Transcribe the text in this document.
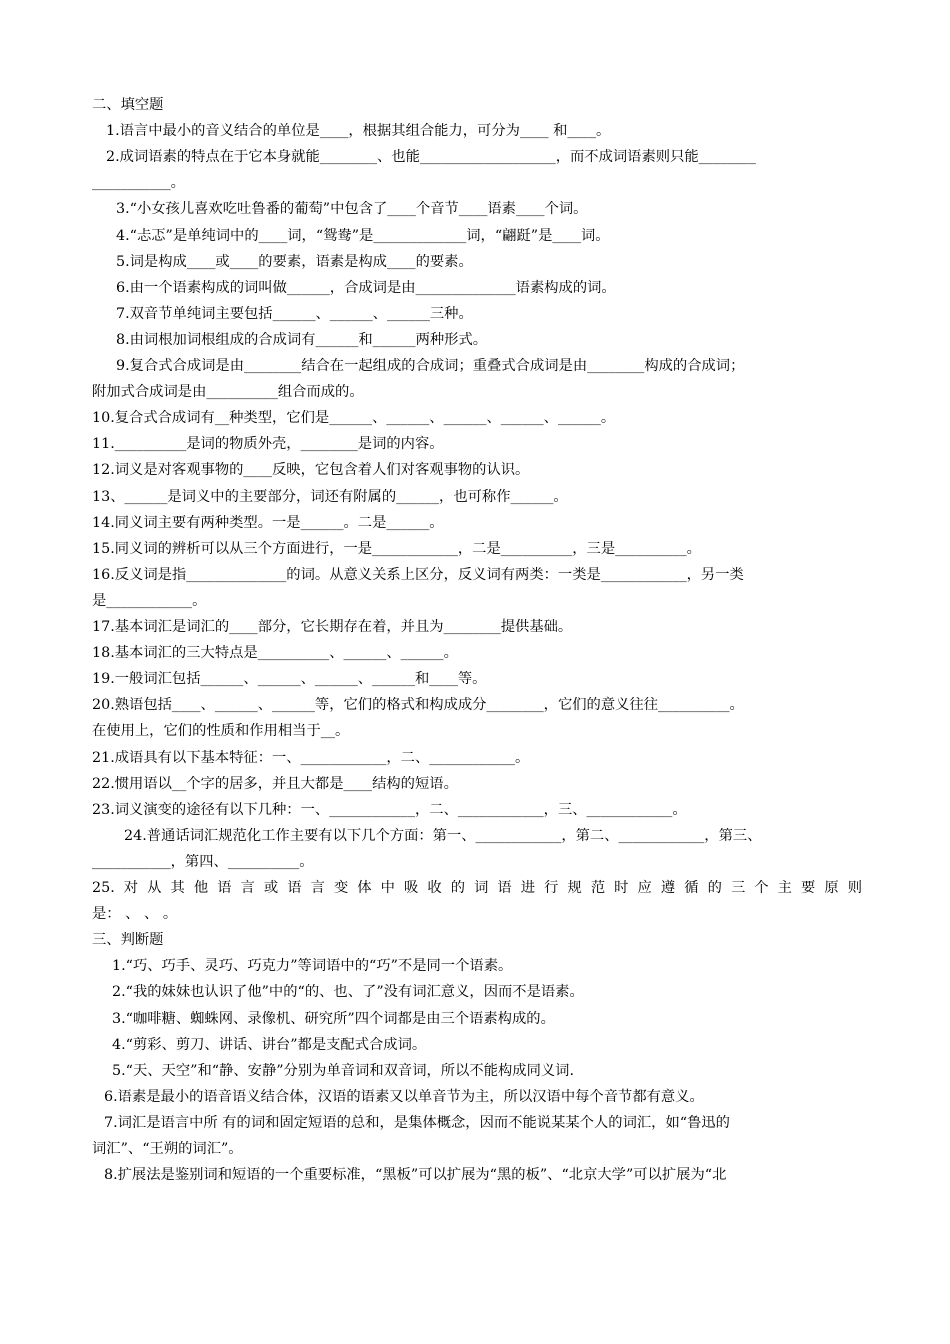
二、填空题
1.语言中最小的音义结合的单位是____，根据其组合能力，可分为____ 和____。
2.成词语素的特点在于它本身就能________、也能___________________，而不成词语素则只能________
___________。
3.“小女孩儿喜欢吃吐鲁番的葡萄”中包含了____个音节____语素____个词。
4.“忐忑”是单纯词中的____词，“鸳鸯”是_____________词，“翩跹”是____词。
5.词是构成____或____的要素，语素是构成____的要素。
6.由一个语素构成的词叫做______，合成词是由______________语素构成的词。
7.双音节单纯词主要包括______、______、______三种。
8.由词根加词根组成的合成词有______和______两种形式。
9.复合式合成词是由________结合在一起组成的合成词；重叠式合成词是由________构成的合成词；
附加式合成词是由__________组合而成的。
10.复合式合成词有__种类型，它们是______、______、______、______、______。
11.__________是词的物质外壳，________是词的内容。
12.词义是对客观事物的____反映，它包含着人们对客观事物的认识。
13、______是词义中的主要部分，词还有附属的______，也可称作______。
14.同义词主要有两种类型。一是______。二是______。
15.同义词的辨析可以从三个方面进行，一是____________，二是__________，三是__________。
16.反义词是指______________的词。从意义关系上区分，反义词有两类：一类是____________，另一类
是____________。
17.基本词汇是词汇的____部分，它长期存在着，并且为________提供基础。
18.基本词汇的三大特点是__________、______、______。
19.一般词汇包括______、______、______、______和____等。
20.熟语包括____、______、______等，它们的格式和构成成分________，它们的意义往往__________。
在使用上，它们的性质和作用相当于__。
21.成语具有以下基本特征：一、____________，二、____________。
22.惯用语以__个字的居多，并且大都是____结构的短语。
23.词义演变的途径有以下几种：一、____________，二、____________，三、____________。
24.普通话词汇规范化工作主要有以下几个方面：第一、____________，第二、____________，第三、
___________，第四、__________。
25.对从其他语言或语言变体中吸收的词语进行规范时应遵循的三个主要原则
是： 、 、 。
三、判断题
1.“巧、巧手、灵巧、巧克力”等词语中的“巧”不是同一个语素。
2.“我的妹妹也认识了他”中的“的、也、了”没有词汇意义，因而不是语素。
3.“咖啡糖、蜘蛛网、录像机、研究所”四个词都是由三个语素构成的。
4.“剪彩、剪刀、讲话、讲台”都是支配式合成词。
5.“天、天空”和“静、安静”分别为单音词和双音词，所以不能构成同义词.
6.语素是最小的语音语义结合体，汉语的语素又以单音节为主，所以汉语中每个音节都有意义。
7.词汇是语言中所 有的词和固定短语的总和，是集体概念，因而不能说某某个人的词汇，如“鲁迅的
词汇”、“王朔的词汇”。
8.扩展法是鉴别词和短语的一个重要标准，“黑板”可以扩展为“黑的板”、“北京大学”可以扩展为“北
